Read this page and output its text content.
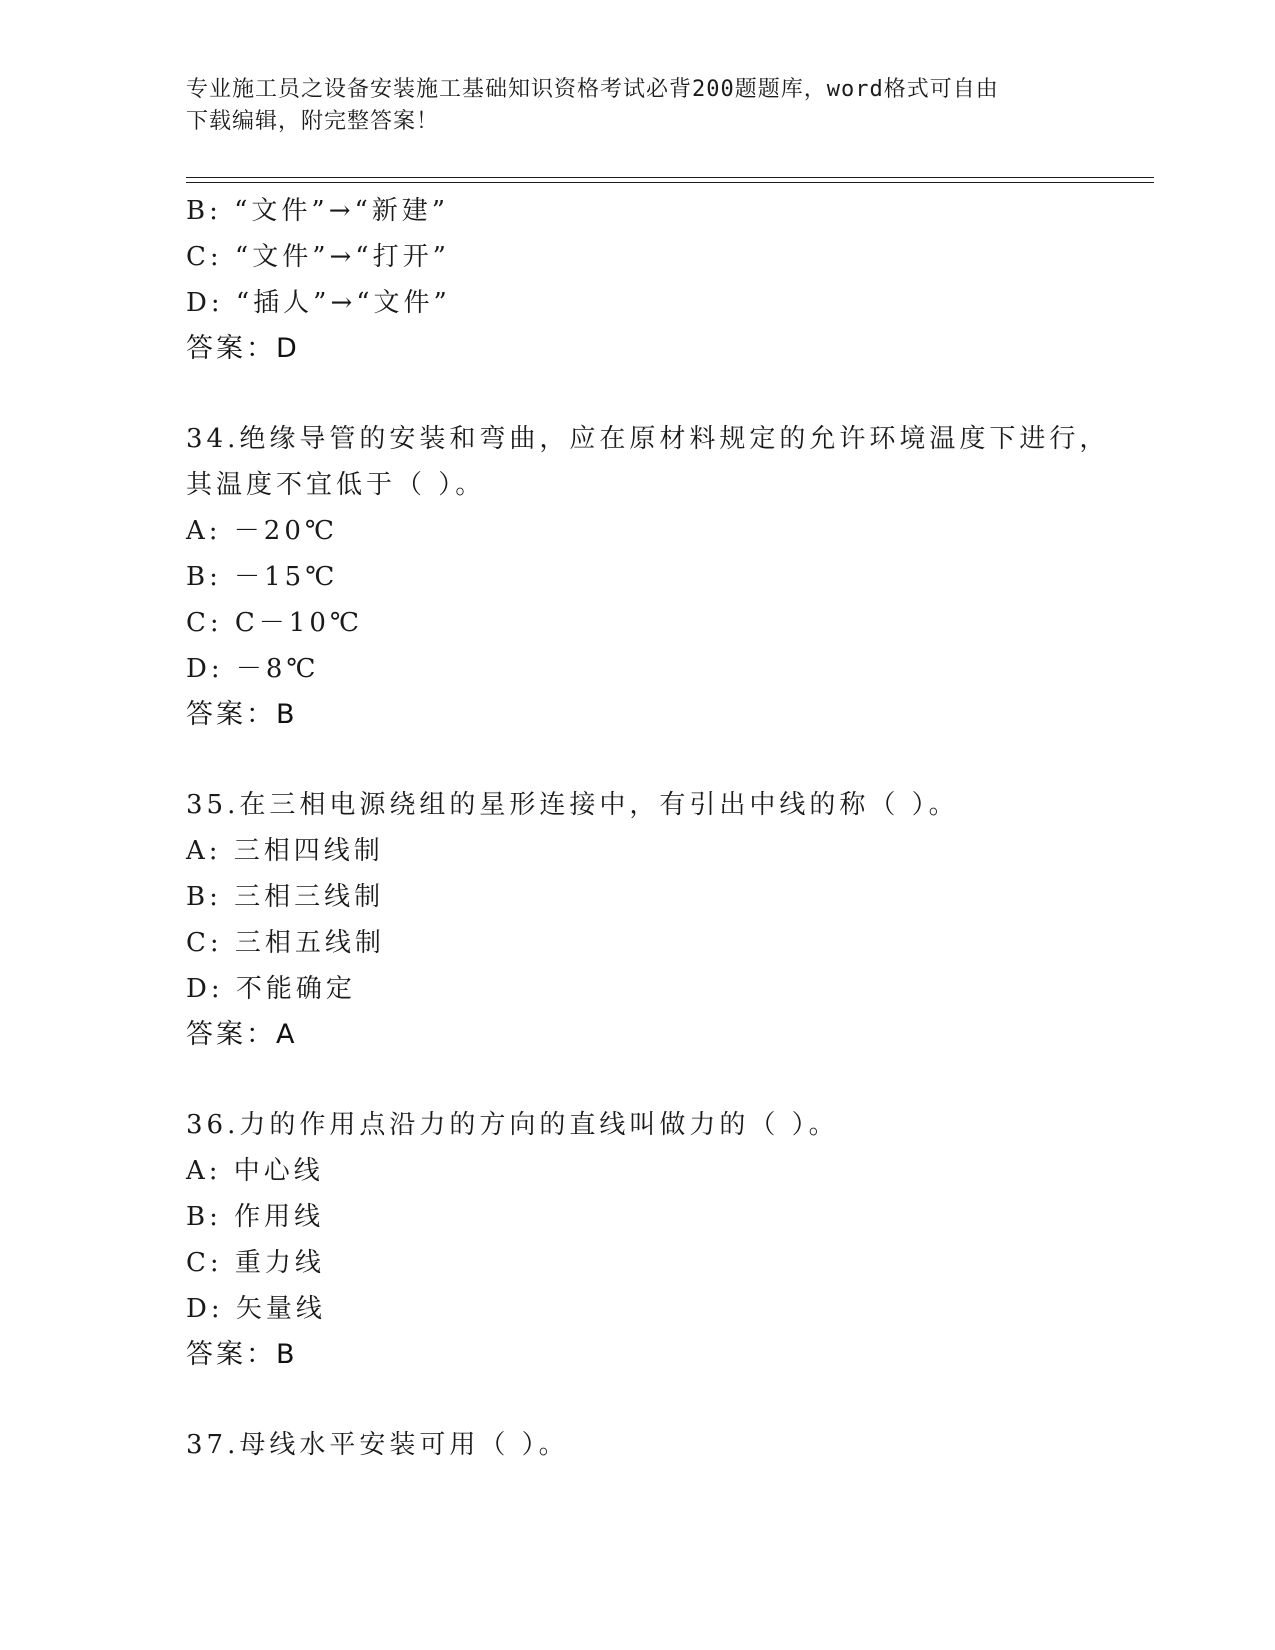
专业施工员之设备安装施工基础知识资格考试必背200题题库，word格式可自由
下载编辑，附完整答案！
B: “文件”→“新建”
C: “文件”→“打开”
D: “插人”→“文件”
答案：D
34.绝缘导管的安装和弯曲，应在原材料规定的允许环境温度下进行，
其温度不宜低于（ ）。
A: －20℃
B: －15℃
C: C－10℃
D: －8℃
答案：B
35.在三相电源绕组的星形连接中，有引出中线的称（ ）。
A: 三相四线制
B: 三相三线制
C: 三相五线制
D: 不能确定
答案：A
36.力的作用点沿力的方向的直线叫做力的（ ）。
A: 中心线
B: 作用线
C: 重力线
D: 矢量线
答案：B
37.母线水平安装可用（ ）。
